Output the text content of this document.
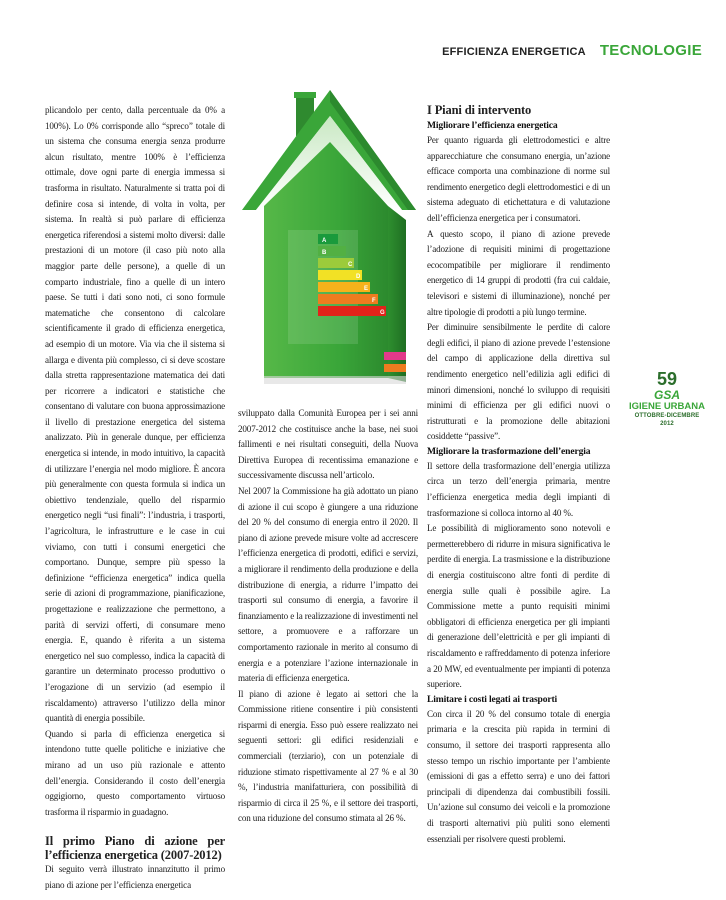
EFFICIENZA ENERGETICA TECNOLOGIE

plicandolo per cento, dalla percentuale da 0% a 100%). Lo 0% corrisponde allo “spreco” totale di un sistema che consuma energia senza produrre alcun risultato, mentre 100% è l’efficienza ottimale, dove ogni parte di energia immessa si trasforma in risultato. Naturalmente si tratta poi di definire cosa si intende, di volta in volta, per sistema. In realtà si può parlare di efficienza energetica riferendosi a sistemi molto diversi: dalle prestazioni di un motore (il caso più noto alla maggior parte delle persone), a quelle di un comparto industriale, fino a quelle di un intero paese. Se tutti i dati sono noti, ci sono formule matematiche che consentono di calcolare scientificamente il grado di efficienza energetica, ad esempio di un motore. Via via che il sistema si allarga e diventa più complesso, ci si deve scostare dalla stretta rappresentazione matematica dei dati per ricorrere a indicatori e statistiche che consentano di valutare con buona approssimazione il livello di prestazione energetica del sistema analizzato. Più in generale dunque, per efficienza energetica si intende, in modo intuitivo, la capacità di utilizzare l’energia nel modo migliore. È ancora più generalmente con questa formula si indica un obiettivo tendenziale, quello del risparmio energetico negli “usi finali”: l’industria, i trasporti, l’agricoltura, le infrastrutture e le case in cui viviamo, con tutti i consumi energetici che comportano. Dunque, sempre più spesso la definizione “efficienza energetica” indica quella serie di azioni di programmazione, pianificazione, progettazione e realizzazione che permettono, a parità di servizi offerti, di consumare meno energia. E, quando è riferita a un sistema energetico nel suo complesso, indica la capacità di garantire un determinato processo produttivo o l’erogazione di un servizio (ad esempio il riscaldamento) attraverso l’utilizzo della minor quantità di energia possibile.

Quando si parla di efficienza energetica si intendono tutte quelle politiche e iniziative che mirano ad un uso più razionale e attento dell’energia. Considerando il costo dell’energia oggigiorno, questo comportamento virtuoso trasforma il risparmio in guadagno.

Il primo Piano di azione per l’efficienza energetica (2007-2012)

Di seguito verrà illustrato innanzitutto il primo piano di azione per l’efficienza energetica

A
B
C
D
E
F
G

sviluppato dalla Comunità Europea per i sei anni 2007-2012 che costituisce anche la base, nei suoi fallimenti e nei risultati conseguiti, della Nuova Direttiva Europea di recentissima emanazione e successivamente discussa nell’articolo.

Nel 2007 la Commissione ha già adottato un piano di azione il cui scopo è giungere a una riduzione del 20 % del consumo di energia entro il 2020. Il piano di azione prevede misure volte ad accrescere l’efficienza energetica di prodotti, edifici e servizi, a migliorare il rendimento della produzione e della distribuzione di energia, a ridurre l’impatto dei trasporti sul consumo di energia, a favorire il finanziamento e la realizzazione di investimenti nel settore, a promuovere e a rafforzare un comportamento razionale in merito al consumo di energia e a potenziare l’azione internazionale in materia di efficienza energetica.

Il piano di azione è legato ai settori che la Commissione ritiene consentire i più consistenti risparmi di energia. Esso può essere realizzato nei seguenti settori: gli edifici residenziali e commerciali (terziario), con un potenziale di riduzione stimato rispettivamente al 27 % e al 30 %, l’industria manifatturiera, con possibilità di risparmio di circa il 25 %, e il settore dei trasporti, con una riduzione del consumo stimata al 26 %.

I Piani di intervento
Migliorare l’efficienza energetica

Per quanto riguarda gli elettrodomestici e altre apparecchiature che consumano energia, un’azione efficace comporta una combinazione di norme sul rendimento energetico degli elettrodomestici e di un sistema adeguato di etichettatura e di valutazione dell’efficienza energetica per i consumatori.

A questo scopo, il piano di azione prevede l’adozione di requisiti minimi di progettazione ecocompatibile per migliorare il rendimento energetico di 14 gruppi di prodotti (fra cui caldaie, televisori e sistemi di illuminazione), nonché per altre tipologie di prodotti a più lungo termine.

Per diminuire sensibilmente le perdite di calore degli edifici, il piano di azione prevede l’estensione del campo di applicazione della direttiva sul rendimento energetico nell’edilizia agli edifici di minori dimensioni, nonché lo sviluppo di requisiti minimi di efficienza per gli edifici nuovi o ristrutturati e la promozione delle abitazioni cosiddette “passive”.

Migliorare la trasformazione dell’energia

Il settore della trasformazione dell’energia utilizza circa un terzo dell’energia primaria, mentre l’efficienza energetica media degli impianti di trasformazione si colloca intorno al 40 %.

Le possibilità di miglioramento sono notevoli e permetterebbero di ridurre in misura significativa le perdite di energia. La trasmissione e la distribuzione di energia costituiscono altre fonti di perdite di energia sulle quali è possibile agire. La Commissione mette a punto requisiti minimi obbligatori di efficienza energetica per gli impianti di generazione dell’elettricità e per gli impianti di riscaldamento e raffreddamento di potenza inferiore a 20 MW, ed eventualmente per impianti di potenza superiore.

Limitare i costi legati ai trasporti

Con circa il 20 % del consumo totale di energia primaria e la crescita più rapida in termini di consumo, il settore dei trasporti rappresenta allo stesso tempo un rischio importante per l’ambiente (emissioni di gas a effetto serra) e uno dei fattori principali di dipendenza dai combustibili fossili. Un’azione sul consumo dei veicoli e la promozione di trasporti alternativi più puliti sono elementi essenziali per risolvere questi problemi.

59
GSA
IGIENE URBANA
OTTOBRE-DICEMBRE 2012
